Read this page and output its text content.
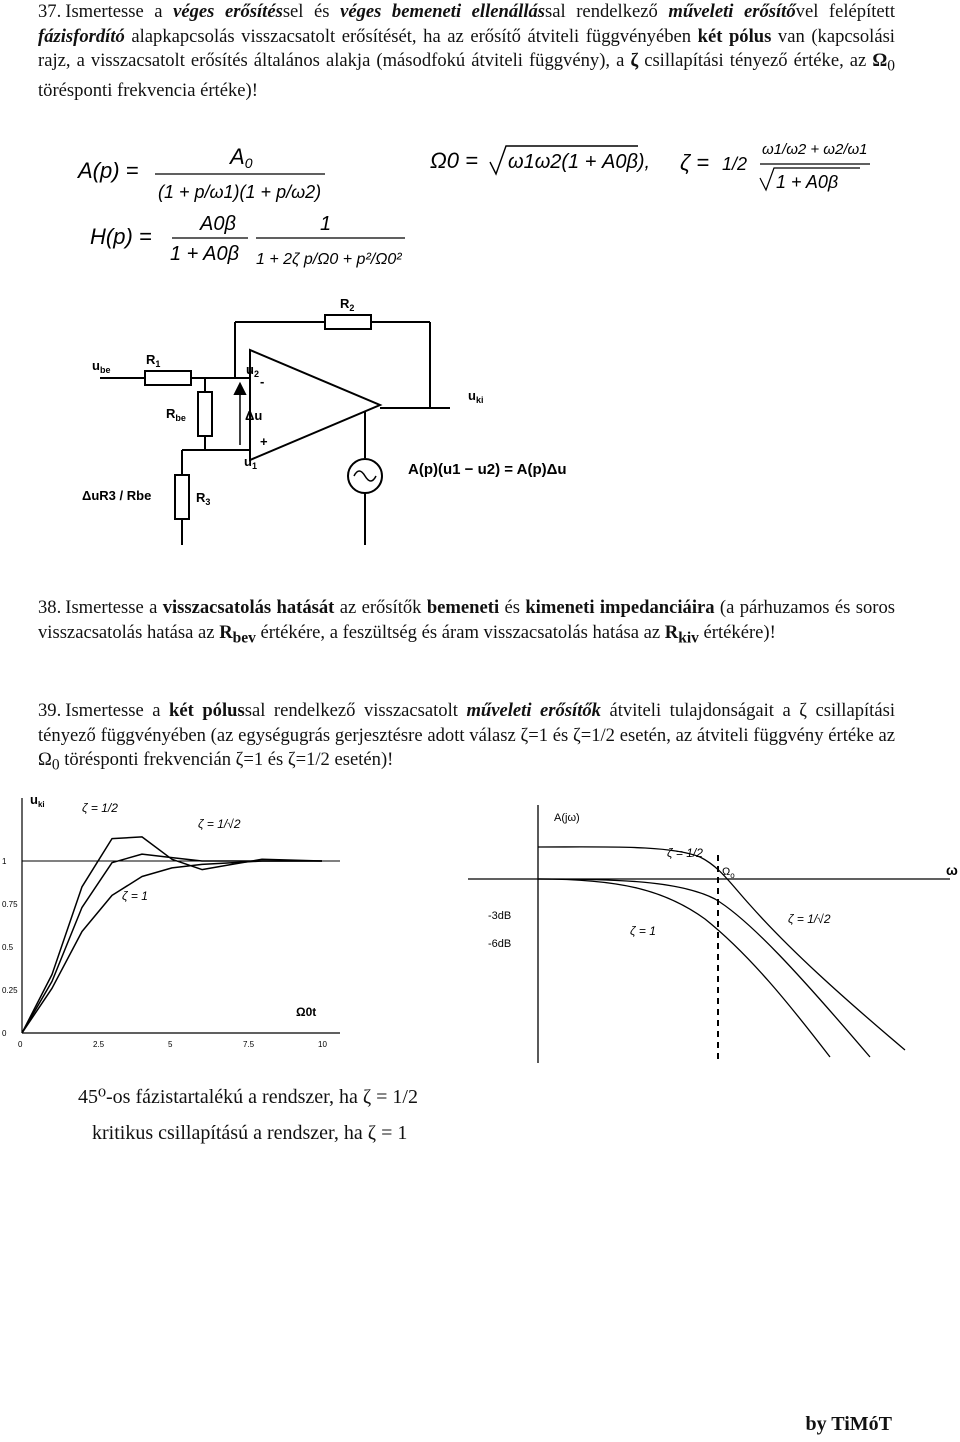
37. Ismertesse a véges erősítéssel és véges bemeneti ellenállással rendelkező műveleti erősítővel felépített fázisfordító alapkapcsolás visszacsatolt erősítését, ha az erősítő átviteli függvényében két pólus van (kapcsolási rajz, a visszacsatolt erősítés általános alakja (másodfokú átviteli függvény), a ζ csillapítási tényező értéke, az $\Omega_0$ törésponti frekvencia értéke)!
A(p) =
A0
(1 + p/ω1)(1 + p/ω2)
H(p) = A0β
1 + A0β
1
1 + 2ζ p/Ω0 + p²/Ω0²
Ω0 = ω1ω2(1 + A0β), ζ = 1/2
ω1/ω2 + ω2/ω1
1 + A0β
$u_{be}$
$R_1$
$R_2$
$u_2$
$R_{be}$	Δu
-
+
$u_1$
$u_{ki}$
$R_3$
ΔuR3 / Rbe
A(p)(u1 − u2) = A(p)Δu
38. Ismertesse a visszacsatolás hatását az erősítők bemeneti és kimeneti impedanciáira (a párhuzamos és soros visszacsatolás hatása az $R_{bev}$ értékére, a feszültség és áram visszacsatolás hatása az $R_{kiv}$ értékére)!
39. Ismertesse a két pólussal rendelkező visszacsatolt műveleti erősítők átviteli tulajdonságait a ζ csillapítási tényező függvényében (az egységugrás gerjesztésre adott válasz ζ=1 és ζ=1/2 esetén, az átviteli függvény értéke az $\Omega_0$ törésponti frekvencián ζ=1 és ζ=1/2 esetén)!
0
0.25
0.5
0.75
1
0	2.5	5	7.5	10
$u_{ki}$
Ω0t
ζ = 1/2
ζ = 1/√2
ζ = 1
A(jω)
ω
$\Omega_o$
-3dB
-6dB
ζ = 1/2
ζ = 1/√2
ζ = 1
45⁰-os fázistartalékú a rendszer, ha ζ = 1/2
kritikus csillapítású a rendszer, ha ζ = 1
by TiMóT
